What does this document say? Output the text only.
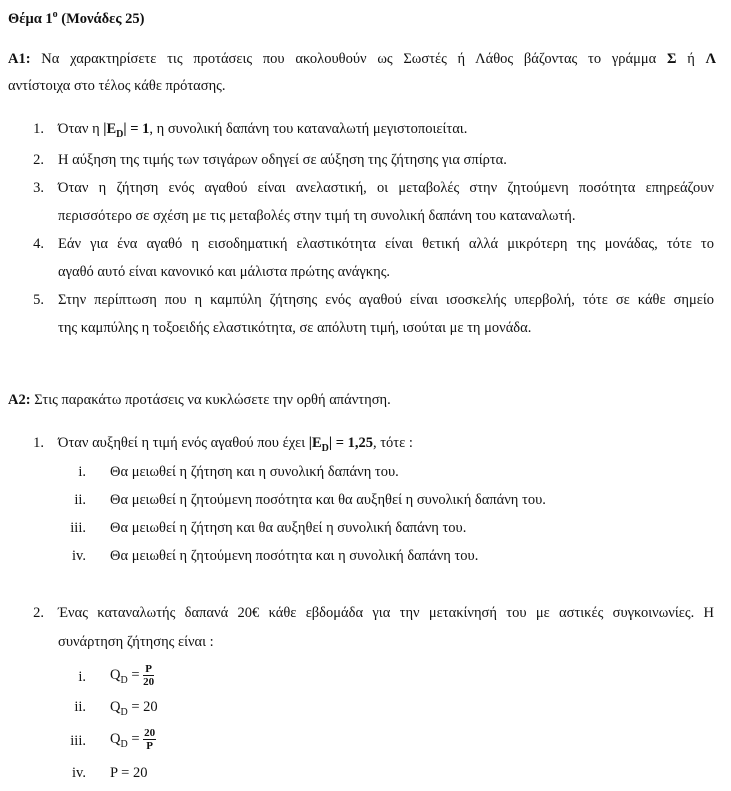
Θέμα $1^o$ (Μονάδες 25)
Α1: Να χαρακτηρίσετε τις προτάσεις που ακολουθούν ως Σωστές ή Λάθος βάζοντας το γράμμα Σ ή Λ
αντίστοιχα στο τέλος κάθε πρότασης.
1. Όταν η $|E_D| = 1$, η συνολική δαπάνη του καταναλωτή μεγιστοποιείται.
2. Η αύξηση της τιμής των τσιγάρων οδηγεί σε αύξηση της ζήτησης για σπίρτα.
3. Όταν η ζήτηση ενός αγαθού είναι ανελαστική, οι μεταβολές στην ζητούμενη ποσότητα επηρεάζουν
περισσότερο σε σχέση με τις μεταβολές στην τιμή τη συνολική δαπάνη του καταναλωτή.
4. Εάν για ένα αγαθό η εισοδηματική ελαστικότητα είναι θετική αλλά μικρότερη της μονάδας, τότε το
αγαθό αυτό είναι κανονικό και μάλιστα πρώτης ανάγκης.
5. Στην περίπτωση που η καμπύλη ζήτησης ενός αγαθού είναι ισοσκελής υπερβολή, τότε σε κάθε σημείο
της καμπύλης η τοξοειδής ελαστικότητα, σε απόλυτη τιμή, ισούται με τη μονάδα.
Α2: Στις παρακάτω προτάσεις να κυκλώσετε την ορθή απάντηση.
1. Όταν αυξηθεί η τιμή ενός αγαθού που έχει $|E_D| = 1,25$, τότε :
i. Θα μειωθεί η ζήτηση και η συνολική δαπάνη του.
ii. Θα μειωθεί η ζητούμενη ποσότητα και θα αυξηθεί η συνολική δαπάνη του.
iii. Θα μειωθεί η ζήτηση και θα αυξηθεί η συνολική δαπάνη του.
iv. Θα μειωθεί η ζητούμενη ποσότητα και η συνολική δαπάνη του.
2. Ένας καταναλωτής δαπανά 20€ κάθε εβδομάδα για την μετακίνησή του με αστικές συγκοινωνίες. Η
συνάρτηση ζήτησης είναι :
i. $Q_D = \frac{P}{20}$
ii. $Q_D = 20$
iii. $Q_D = \frac{20}{P}$
iv. P = 20
